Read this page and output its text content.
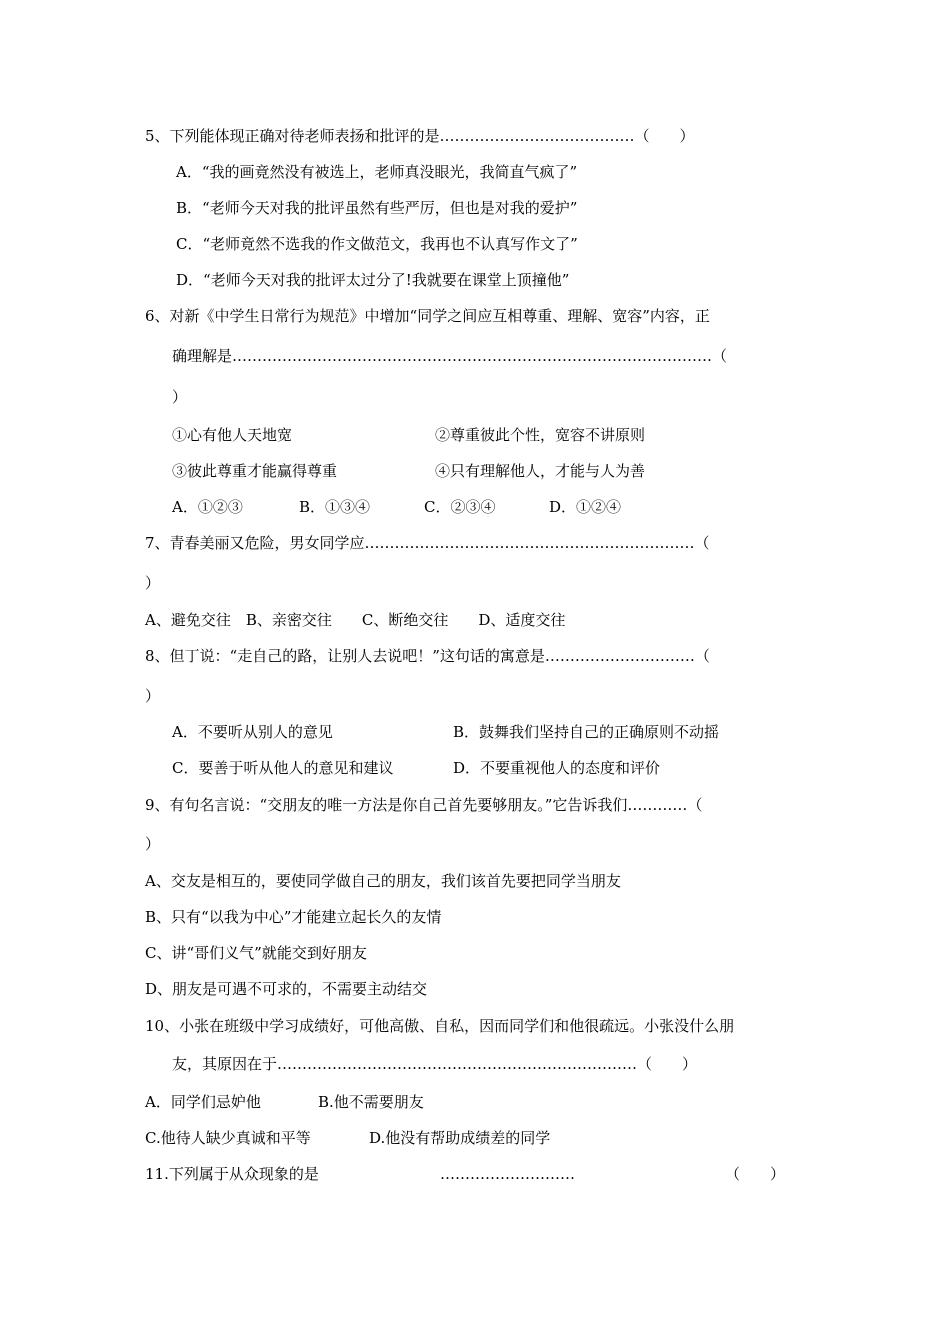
5、下列能体现正确对待老师表扬和批评的是…………………………………（　　）
A．“我的画竟然没有被选上，老师真没眼光，我简直气疯了”
B．“老师今天对我的批评虽然有些严厉，但也是对我的爱护”
C．“老师竟然不选我的作文做范文，我再也不认真写作文了”
D．“老师今天对我的批评太过分了!我就要在课堂上顶撞他”
6、对新《中学生日常行为规范》中增加“同学之间应互相尊重、理解、宽容”内容，正
确理解是……………………………………………………………………………………（
）
①心有他人天地宽	②尊重彼此个性，宽容不讲原则
③彼此尊重才能赢得尊重	④只有理解他人，才能与人为善
A．①②③	B．①③④	C．②③④	D．①②④
7、青春美丽又危险，男女同学应…………………………………………………………（
）
A、避免交往　B、亲密交往　　C、断绝交往　　D、适度交往
8、但丁说：“走自己的路，让别人去说吧！”这句话的寓意是…………………………（
）
A．不要听从别人的意见	B．鼓舞我们坚持自己的正确原则不动摇
C．要善于听从他人的意见和建议	D．不要重视他人的态度和评价
9、有句名言说：“交朋友的唯一方法是你自己首先要够朋友。”它告诉我们…………（
）
A、交友是相互的，要使同学做自己的朋友，我们该首先要把同学当朋友
B、只有“以我为中心”才能建立起长久的友情
C、讲“哥们义气”就能交到好朋友
D、朋友是可遇不可求的，不需要主动结交
10、小张在班级中学习成绩好，可他高傲、自私，因而同学们和他很疏远。小张没什么朋
友，其原因在于………………………………………………………………（　　）
A．同学们忌妒他	B.他不需要朋友
C.他待人缺少真诚和平等	D.他没有帮助成绩差的同学
11.下列属于从众现象的是	………………………	（　　）
